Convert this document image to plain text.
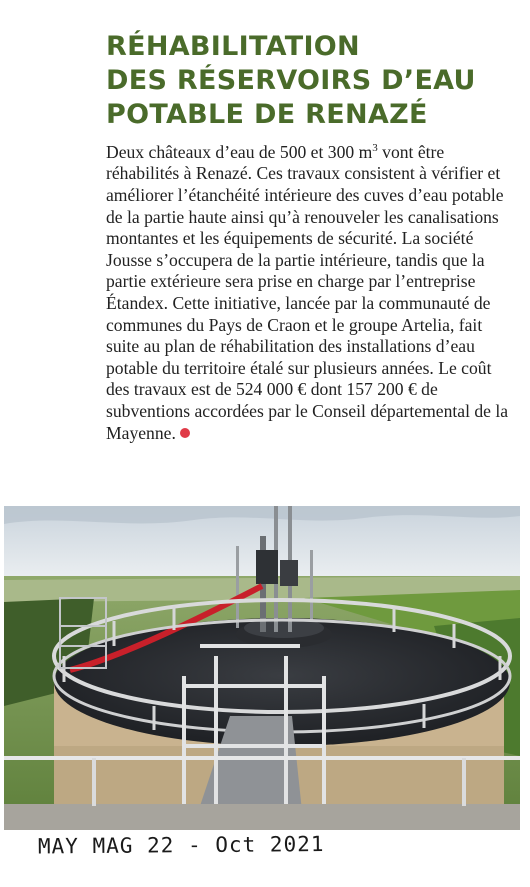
RÉHABILITATION
DES RÉSERVOIRS D’EAU
POTABLE DE RENAZÉ

Deux châteaux d’eau de 500 et 300 $m^3$ vont être réhabilités à Renazé. Ces travaux consistent à vérifier et améliorer l’étanchéité intérieure des cuves d’eau potable de la partie haute ainsi qu’à renouveler les canalisations montantes et les équipements de sécurité. La société Jousse s’occupera de la partie intérieure, tandis que la partie extérieure sera prise en charge par l’entreprise Étandex. Cette initiative, lancée par la communauté de communes du Pays de Craon et le groupe Artelia, fait suite au plan de réhabilitation des installations d’eau potable du territoire étalé sur plusieurs années. Le coût des travaux est de 524 000 € dont 157 200 € de subventions accordées par le Conseil départemental de la Mayenne.

MAY MAG 22 - Oct 2021
